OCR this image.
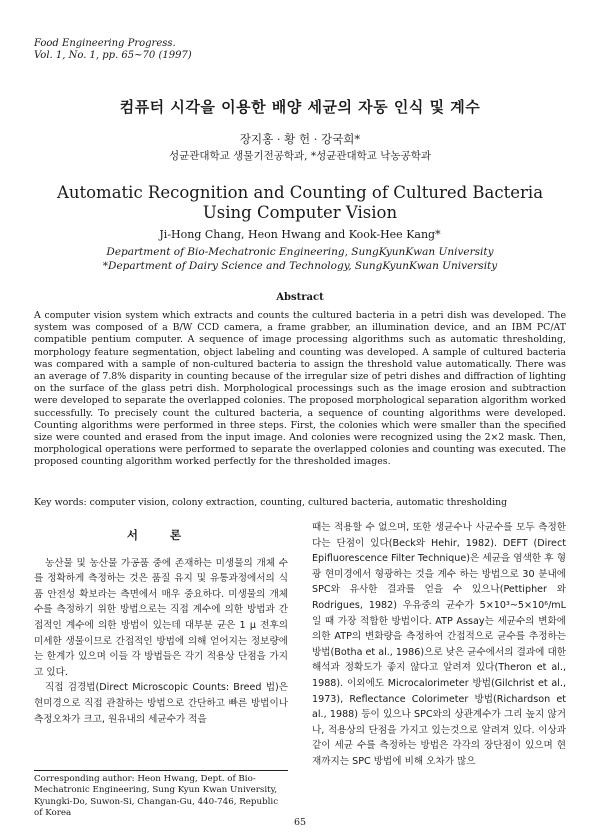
Food Engineering Progress.
Vol. 1, No. 1, pp. 65~70 (1997)
컴퓨터 시각을 이용한 배양 세균의 자동 인식 및 계수
장지홍 · 황 헌 · 강국희*
성균관대학교 생물기전공학과, *성균관대학교 낙농공학과
Automatic Recognition and Counting of Cultured Bacteria
Using Computer Vision
Ji-Hong Chang, Heon Hwang and Kook-Hee Kang*
Department of Bio-Mechatronic Engineering, SungKyunKwan University
*Department of Dairy Science and Technology, SungKyunKwan University
Abstract
A computer vision system which extracts and counts the cultured bacteria in a petri dish was developed. The system was composed of a B/W CCD camera, a frame grabber, an illumination device, and an IBM PC/AT compatible pentium computer. A sequence of image processing algorithms such as automatic thresholding, morphology feature segmentation, object labeling and counting was developed. A sample of cultured bacteria was compared with a sample of non-cultured bacteria to assign the threshold value automatically. There was an average of 7.8% disparity in counting because of the irregular size of petri dishes and diffraction of lighting on the surface of the glass petri dish. Morphological processings such as the image erosion and subtraction were developed to separate the overlapped colonies. The proposed morphological separation algorithm worked successfully. To precisely count the cultured bacteria, a sequence of counting algorithms were developed. Counting algorithms were performed in three steps. First, the colonies which were smaller than the specified size were counted and erased from the input image. And colonies were recognized using the 2×2 mask. Then, morphological operations were performed to separate the overlapped colonies and counting was executed. The proposed counting algorithm worked perfectly for the thresholded images.
Key words: computer vision, colony extraction, counting, cultured bacteria, automatic thresholding
서 론

농산물 및 농산물 가공품 중에 존재하는 미생물의 개체 수를 정확하게 측정하는 것은 품질 유지 및 유통과정에서의 식품 안전성 확보라는 측면에서 매우 중요하다. 미생물의 개체 수를 측정하기 위한 방법으로는 직접 계수에 의한 방법과 간접적인 계수에 의한 방법이 있는데 대부분 균은 1 μ 전후의 미세한 생물이므로 간접적인 방법에 의해 얻어지는 정보량에는 한계가 있으며 이들 각 방법들은 각기 적용상 단점을 가지고 있다.

직접 검경법(Direct Microscopic Counts: Breed 법)은 현미경으로 직접 관찰하는 방법으로 간단하고 빠른 방법이나 측정오차가 크고, 원유내의 세균수가 적을

때는 적용할 수 없으며, 또한 생균수나 사균수를 모두 측정한다는 단점이 있다(Beck와 Hehir, 1982). DEFT (Direct Epifluorescence Filter Technique)은 세균을 염색한 후 형광 현미경에서 형광하는 것을 계수 하는 방법으로 30 분내에 SPC와 유사한 결과를 얻을 수 있으나(Pettipher 와 Rodrigues, 1982) 우유중의 균수가 5×10³~5×10⁶/mL 일 때 가장 적합한 방법이다. ATP Assay는 세균수의 변화에 의한 ATP의 변화량을 측정하여 간접적으로 균수를 추정하는 방법(Botha et al., 1986)으로 낮은 균수에서의 결과에 대한 해석과 정확도가 좋지 않다고 알려져 있다(Theron et al., 1988). 이외에도 Microcalorimeter 방법(Gilchrist et al., 1973), Reflectance Colorimeter 방법(Richardson et al., 1988) 등이 있으나 SPC와의 상관계수가 그리 높지 않거나, 적용상의 단점을 가지고 있는것으로 알려져 있다. 이상과 같이 세균 수를 측정하는 방법은 각각의 장단점이 있으며 현재까지는 SPC 방법에 비해 오차가 많으

Corresponding author: Heon Hwang, Dept. of Bio-Mechatronic Engineering, Sung Kyun Kwan University, Kyungki-Do, Suwon-Si, Changan-Gu, 440-746, Republic of Korea
65
